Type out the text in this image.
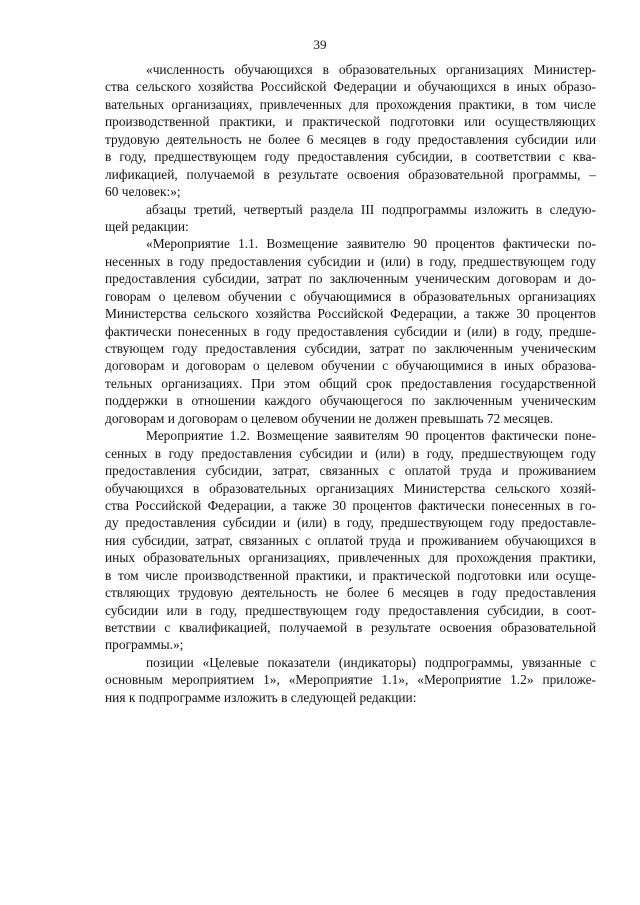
39
«численность обучающихся в образовательных организациях Министер-
ства сельского хозяйства Российской Федерации и обучающихся в иных образо-
вательных организациях, привлеченных для прохождения практики, в том числе
производственной практики, и практической подготовки или осуществляющих
трудовую деятельность не более 6 месяцев в году предоставления субсидии или
в году, предшествующем году предоставления субсидии, в соответствии с ква-
лификацией, получаемой в результате освоения образовательной программы, –
60 человек:»;
абзацы третий, четвертый раздела III подпрограммы изложить в следую-
щей редакции:
«Мероприятие 1.1. Возмещение заявителю 90 процентов фактически по-
несенных в году предоставления субсидии и (или) в году, предшествующем году
предоставления субсидии, затрат по заключенным ученическим договорам и до-
говорам о целевом обучении с обучающимися в образовательных организациях
Министерства сельского хозяйства Российской Федерации, а также 30 процентов
фактически понесенных в году предоставления субсидии и (или) в году, предше-
ствующем году предоставления субсидии, затрат по заключенным ученическим
договорам и договорам о целевом обучении с обучающимися в иных образова-
тельных организациях. При этом общий срок предоставления государственной
поддержки в отношении каждого обучающегося по заключенным ученическим
договорам и договорам о целевом обучении не должен превышать 72 месяцев.
Мероприятие 1.2. Возмещение заявителям 90 процентов фактически поне-
сенных в году предоставления субсидии и (или) в году, предшествующем году
предоставления субсидии, затрат, связанных с оплатой труда и проживанием
обучающихся в образовательных организациях Министерства сельского хозяй-
ства Российской Федерации, а также 30 процентов фактически понесенных в го-
ду предоставления субсидии и (или) в году, предшествующем году предоставле-
ния субсидии, затрат, связанных с оплатой труда и проживанием обучающихся в
иных образовательных организациях, привлеченных для прохождения практики,
в том числе производственной практики, и практической подготовки или осуще-
ствляющих трудовую деятельность не более 6 месяцев в году предоставления
субсидии или в году, предшествующем году предоставления субсидии, в соот-
ветствии с квалификацией, получаемой в результате освоения образовательной
программы.»;
позиции «Целевые показатели (индикаторы) подпрограммы, увязанные с
основным мероприятием 1», «Мероприятие 1.1», «Мероприятие 1.2» приложе-
ния к подпрограмме изложить в следующей редакции:
